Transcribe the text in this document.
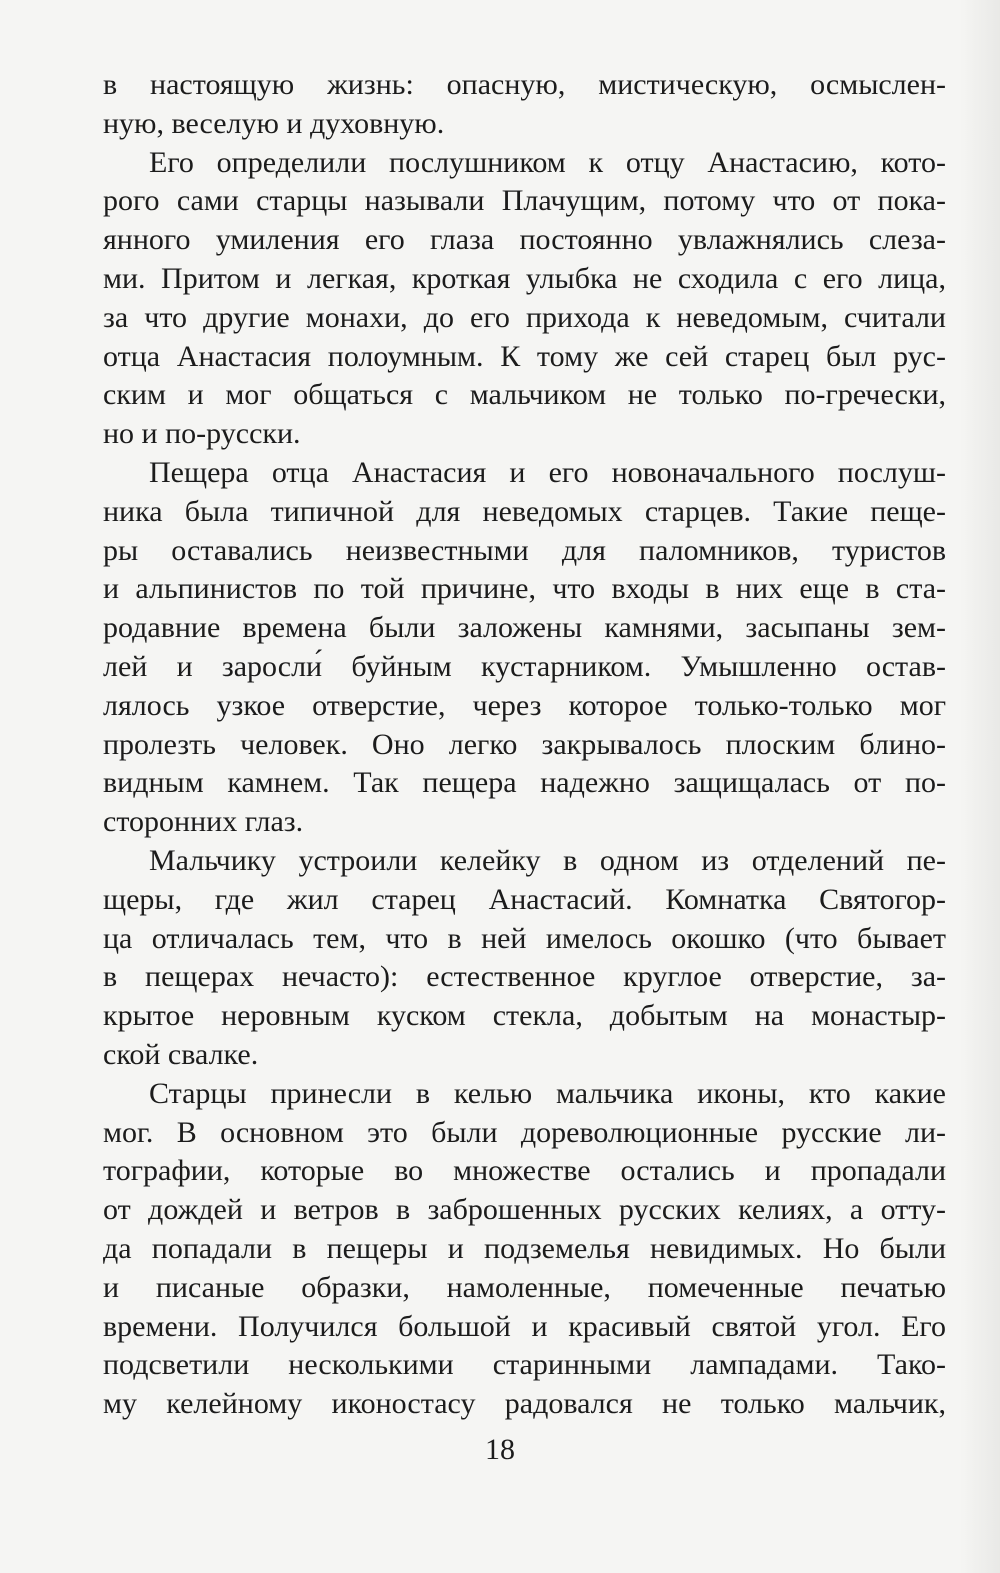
в настоящую жизнь: опасную, мистическую, осмыслен-
ную, веселую и духовную.
Его определили послушником к отцу Анастасию, кото-
рого сами старцы называли Плачущим, потому что от пока-
янного умиления его глаза постоянно увлажнялись слеза-
ми. Притом и легкая, кроткая улыбка не сходила с его лица,
за что другие монахи, до его прихода к неведомым, считали
отца Анастасия полоумным. К тому же сей старец был рус-
ским и мог общаться с мальчиком не только по-гречески,
но и по-русски.
Пещера отца Анастасия и его новоначального послуш-
ника была типичной для неведомых старцев. Такие пеще-
ры оставались неизвестными для паломников, туристов
и альпинистов по той причине, что входы в них еще в ста-
родавние времена были заложены камнями, засыпаны зем-
лей и заросли́ буйным кустарником. Умышленно остав-
лялось узкое отверстие, через которое только-только мог
пролезть человек. Оно легко закрывалось плоским блино-
видным камнем. Так пещера надежно защищалась от по-
сторонних глаз.
Мальчику устроили келейку в одном из отделений пе-
щеры, где жил старец Анастасий. Комнатка Святогор-
ца отличалась тем, что в ней имелось окошко (что бывает
в пещерах нечасто): естественное круглое отверстие, за-
крытое неровным куском стекла, добытым на монастыр-
ской свалке.
Старцы принесли в келью мальчика иконы, кто какие
мог. В основном это были дореволюционные русские ли-
тографии, которые во множестве остались и пропадали
от дождей и ветров в заброшенных русских келиях, а отту-
да попадали в пещеры и подземелья невидимых. Но были
и писаные образки, намоленные, помеченные печатью
времени. Получился большой и красивый святой угол. Его
подсветили несколькими старинными лампадами. Тако-
му келейному иконостасу радовался не только мальчик,
18
